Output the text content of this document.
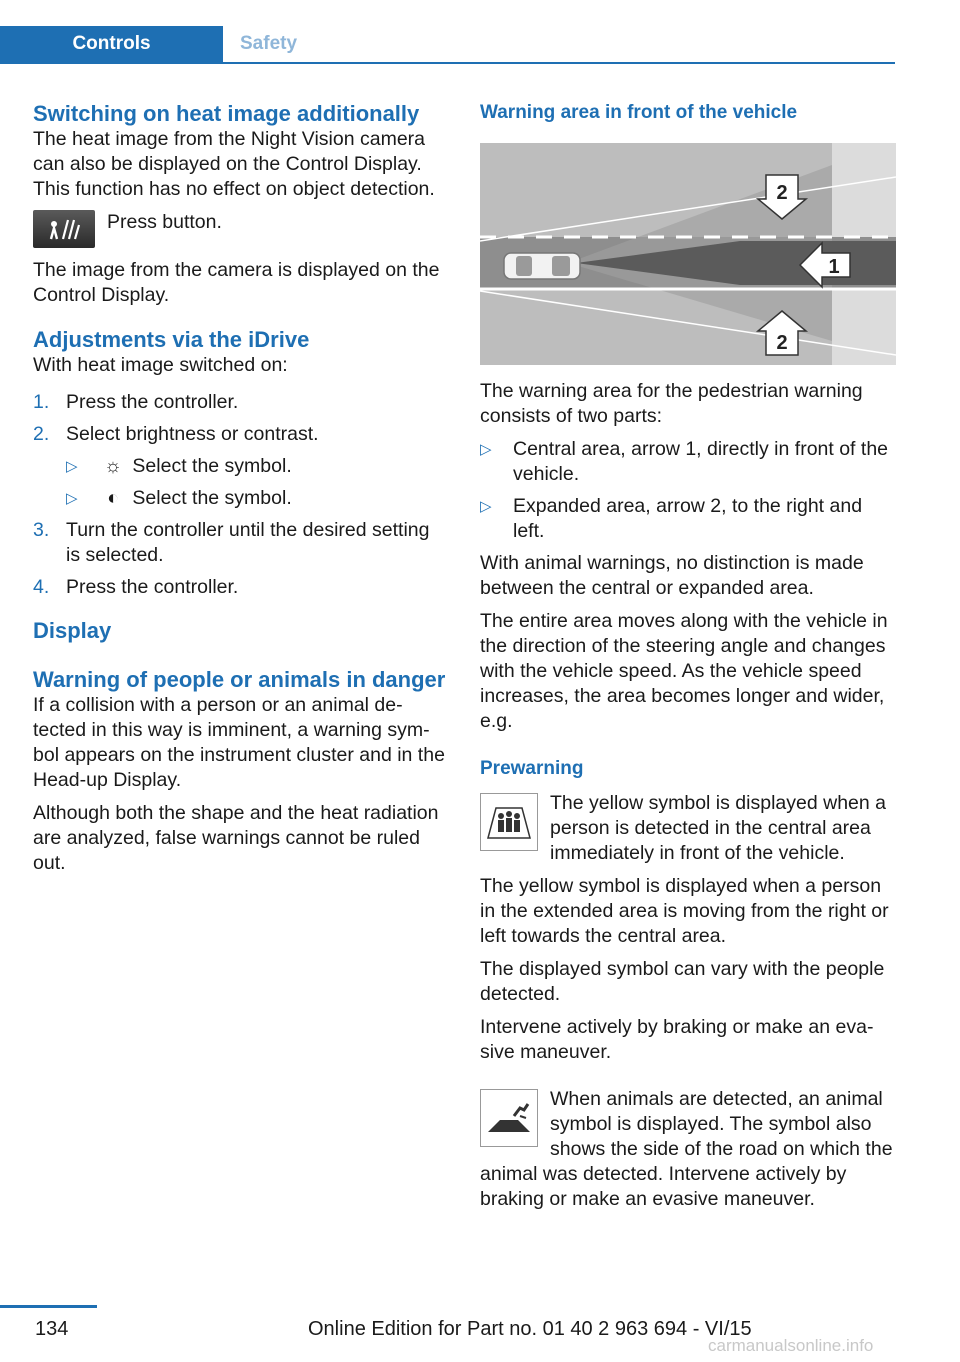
Controls	Safety
Switching on heat image additionally

The heat image from the Night Vision camera can also be displayed on the Control Display. This function has no effect on object detection.

Press button.

The image from the camera is displayed on the Control Display.

Adjustments via the iDrive

With heat image switched on:

1. Press the controller.
2. Select brightness or contrast.
▷ ☼ Select the symbol.
▷ ◐ Select the symbol.
3. Turn the controller until the desired setting is selected.
4. Press the controller.
Display
Warning of people or animals in danger

If a collision with a person or an animal detected in this way is imminent, a warning symbol appears on the instrument cluster and in the Head-up Display.

Although both the shape and the heat radiation are analyzed, false warnings cannot be ruled out.

Warning area in front of the vehicle
2
1
2

The warning area for the pedestrian warning consists of two parts:

▷ Central area, arrow 1, directly in front of the vehicle.
▷ Expanded area, arrow 2, to the right and left.

With animal warnings, no distinction is made between the central or expanded area.

The entire area moves along with the vehicle in the direction of the steering angle and changes with the vehicle speed. As the vehicle speed increases, the area becomes longer and wider, e.g.

Prewarning

The yellow symbol is displayed when a person is detected in the central area immediately in front of the vehicle.

The yellow symbol is displayed when a person in the extended area is moving from the right or left towards the central area.

The displayed symbol can vary with the people detected.

Intervene actively by braking or make an evasive maneuver.

When animals are detected, an animal symbol is displayed. The symbol also shows the side of the road on which the animal was detected. Intervene actively by braking or make an evasive maneuver.

134	Online Edition for Part no. 01 40 2 963 694 - VI/15
carmanualsonline.info
